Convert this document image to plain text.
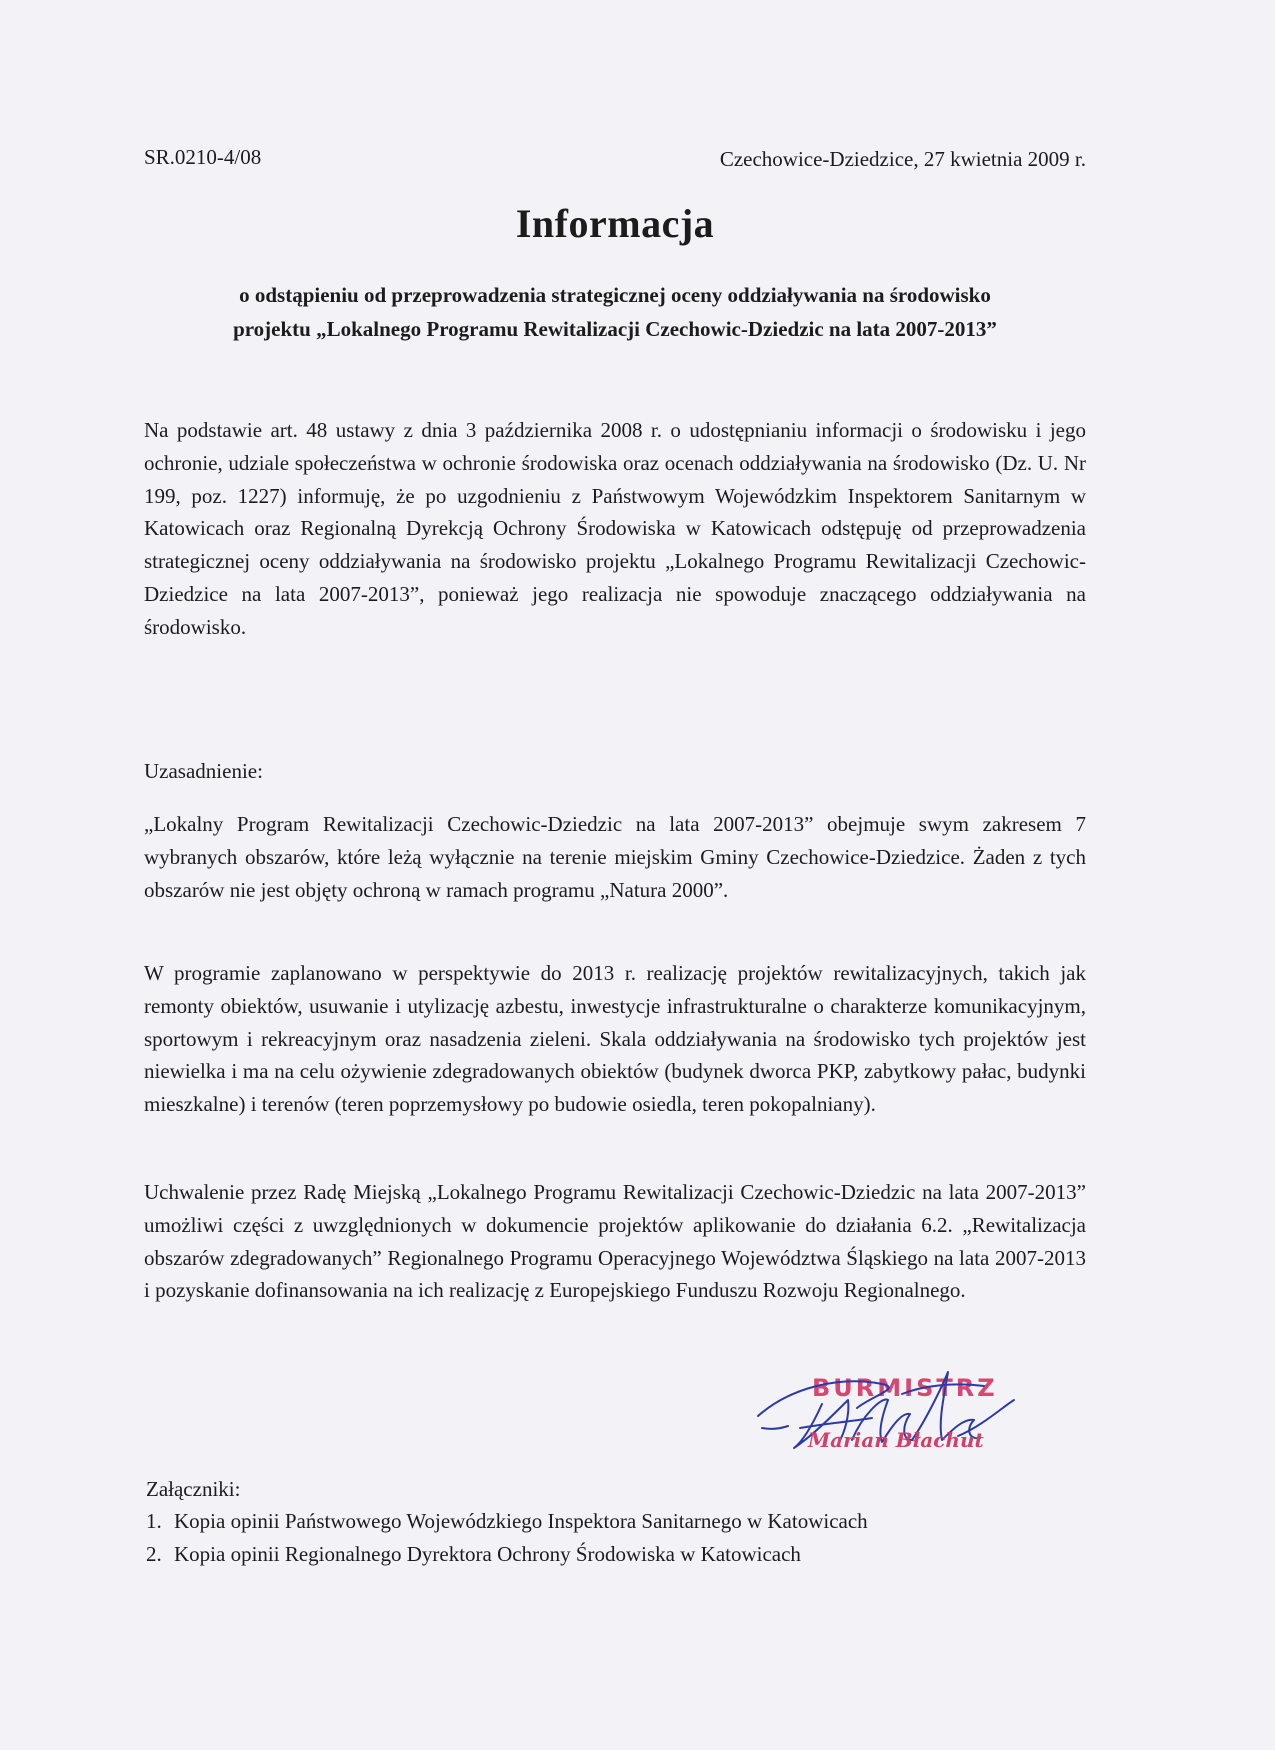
SR.0210-4/08	Czechowice-Dziedzice, 27 kwietnia 2009 r.

Informacja
o odstąpieniu od przeprowadzenia strategicznej oceny oddziaływania na środowisko
projektu „Lokalnego Programu Rewitalizacji Czechowic-Dziedzic na lata 2007-2013”

Na podstawie art. 48 ustawy z dnia 3 października 2008 r. o udostępnianiu informacji o środowisku i jego ochronie, udziale społeczeństwa w ochronie środowiska oraz ocenach oddziaływania na środowisko (Dz. U. Nr 199, poz. 1227) informuję, że po uzgodnieniu z Państwowym Wojewódzkim Inspektorem Sanitarnym w Katowicach oraz Regionalną Dyrekcją Ochrony Środowiska w Katowicach odstępuję od przeprowadzenia strategicznej oceny oddziaływania na środowisko projektu „Lokalnego Programu Rewitalizacji Czechowic-Dziedzice na lata 2007-2013”, ponieważ jego realizacja nie spowoduje znaczącego oddziaływania na środowisko.

Uzasadnienie:

„Lokalny Program Rewitalizacji Czechowic-Dziedzic na lata 2007-2013” obejmuje swym zakresem 7 wybranych obszarów, które leżą wyłącznie na terenie miejskim Gminy Czechowice-Dziedzice. Żaden z tych obszarów nie jest objęty ochroną w ramach programu „Natura 2000”.

W programie zaplanowano w perspektywie do 2013 r. realizację projektów rewitalizacyjnych, takich jak remonty obiektów, usuwanie i utylizację azbestu, inwestycje infrastrukturalne o charakterze komunikacyjnym, sportowym i rekreacyjnym oraz nasadzenia zieleni. Skala oddziaływania na środowisko tych projektów jest niewielka i ma na celu ożywienie zdegradowanych obiektów (budynek dworca PKP, zabytkowy pałac, budynki mieszkalne) i terenów (teren poprzemysłowy po budowie osiedla, teren pokopalniany).

Uchwalenie przez Radę Miejską „Lokalnego Programu Rewitalizacji Czechowic-Dziedzic na lata 2007-2013” umożliwi części z uwzględnionych w dokumencie projektów aplikowanie do działania 6.2. „Rewitalizacja obszarów zdegradowanych” Regionalnego Programu Operacyjnego Województwa Śląskiego na lata 2007-2013 i pozyskanie dofinansowania na ich realizację z Europejskiego Funduszu Rozwoju Regionalnego.

BURMISTRZ
Marian Błachut

Załączniki:

1. Kopia opinii Państwowego Wojewódzkiego Inspektora Sanitarnego w Katowicach
2. Kopia opinii Regionalnego Dyrektora Ochrony Środowiska w Katowicach
